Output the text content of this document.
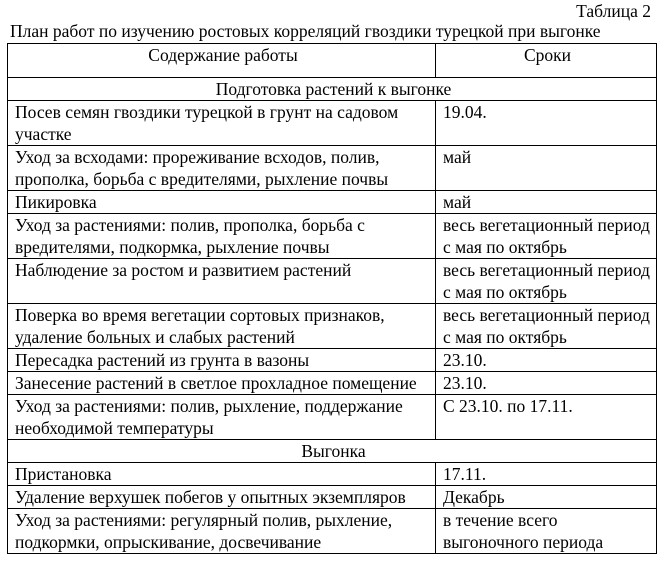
Таблица 2
План работ по изучению ростовых корреляций гвоздики турецкой при выгонке
Содержание работы	Сроки
Подготовка растений к выгонке	
Посев семян гвоздики турецкой в грунт на садовом участке	19.04.
Уход за всходами: прореживание всходов, полив, прополка, борьба с вредителями, рыхление почвы	май
Пикировка	май
Уход за растениями: полив, прополка, борьба с вредителями, подкормка, рыхление почвы	весь вегетационный период с мая по октябрь
Наблюдение за ростом и развитием растений	весь вегетационный период с мая по октябрь
Поверка во время вегетации сортовых признаков, удаление больных и слабых растений	весь вегетационный период с мая по октябрь
Пересадка растений из грунта в вазоны	23.10.
Занесение растений в светлое прохладное помещение	23.10.
Уход за растениями: полив, рыхление, поддержание необходимой температуры	С 23.10. по 17.11.
Выгонка	
Пристановка	17.11.
Удаление верхушек побегов у опытных экземпляров	Декабрь
Уход за растениями: регулярный полив, рыхление, подкормки, опрыскивание, досвечивание	в течение всего выгоночного периода
